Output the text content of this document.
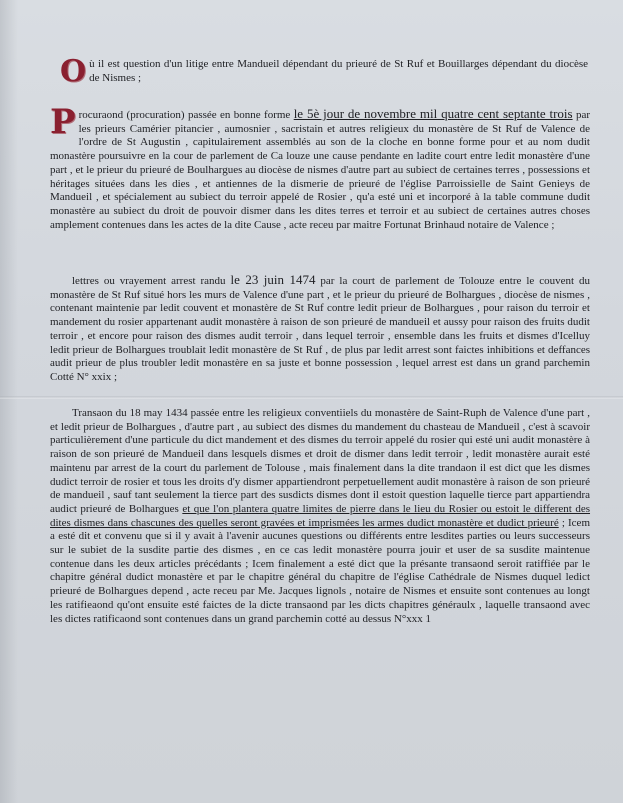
Où il est question d'un litige entre Mandueil dépendant du prieuré de St Ruf et Bouillarges dépendant du diocèse de Nismes ;

Procuraond (procuration) passée en bonne forme le 5è jour de novembre mil quatre cent septante trois par les prieurs Camérier pitancier , aumosnier , sacristain et autres religieux du monastère de St Ruf de Valence de l'ordre de St Augustin , capitulairement assemblés au son de la cloche en bonne forme pour et au nom dudit monastère poursuivre en la cour de parlement de Ca louze une cause pendante en ladite court entre ledit monastère d'une part , et le prieur du prieuré de Boulhargues au diocèse de nismes d'autre part au subiect de certaines terres , possessions et héritages situées dans les dies , et antiennes de la dismerie de prieuré de l'église Parroissielle de Saint Genieys de Mandueil , et spécialement au subiect du terroir appelé de Rosier , qu'a esté uni et incorporé à la table commune dudit monastère au subiect du droit de pouvoir dismer dans les dites terres et terroir et au subiect de certaines autres choses amplement contenues dans les actes de la dite Cause , acte receu par maitre Fortunat Brinhaud notaire de Valence ;

lettres ou vrayement arrest randu le 23 juin 1474 par la court de parlement de Tolouze entre le couvent du monastère de St Ruf situé hors les murs de Valence d'une part , et le prieur du prieuré de Bolhargues , diocèse de nismes , contenant maintenie par ledit couvent et monastère de St Ruf contre ledit prieur de Bolhargues , pour raison du terroir et mandement du rosier appartenant audit monastère à raison de son prieuré de mandueil et aussy pour raison des fruits dudit terroir , et encore pour raison des dismes audit terroir , dans lequel terroir , ensemble dans les fruits et dismes d'Icelluy ledit prieur de Bolhargues troublait ledit monastère de St Ruf , de plus par ledit arrest sont faictes inhibitions et deffances audit prieur de plus troubler ledit monastère en sa juste et bonne possession , lequel arrest est dans un grand parchemin Cotté N° xxix ;

Transaon du 18 may 1434 passée entre les religieux conventiiels du monastère de Saint-Ruph de Valence d'une part , et ledit prieur de Bolhargues , d'autre part , au subiect des dismes du mandement du chasteau de Mandueil , c'est à scavoir particulièrement d'une particule du dict mandement et des dismes du terroir appelé du rosier qui esté uni audit monastère à raison de son prieuré de Mandueil dans lesquels dismes et droit de dismer dans ledit terroir , ledit monastère aurait esté maintenu par arrest de la court du parlement de Tolouse , mais finalement dans la dite trandaon il est dict que les dismes dudict terroir de rosier et tous les droits d'y dismer appartiendront perpetuellement audit monastère à raison de son prieuré de mandueil , sauf tant seulement la tierce part des susdicts dismes dont il estoit question laquelle tierce part appartiendra audict prieuré de Bolhargues et que l'on plantera quatre limites de pierre dans le lieu du Rosier ou estoit le different des dites dismes dans chascunes des quelles seront gravées et imprismées les armes dudict monastère et dudict prieuré ; Icem a esté dit et convenu que si il y avait à l'avenir aucunes questions ou différents entre lesdites parties ou leurs successeurs sur le subiet de la susdite partie des dismes , en ce cas ledit monastère pourra jouir et user de sa susdite maintenue contenue dans les deux articles précédants ; Icem finalement a esté dict que la présante transaond seroit ratiffiée par le chapitre général dudict monastère et par le chapitre général du chapitre de l'église Cathédrale de Nismes duquel ledict prieuré de Bolhargues depend , acte receu par Me. Jacques lignols , notaire de Nismes et ensuite sont contenues au longt les ratifieaond qu'ont ensuite esté faictes de la dicte transaond par les dicts chapitres généraulx , laquelle transaond avec les dictes ratificaond sont contenues dans un grand parchemin cotté au dessus N°xxx 1
